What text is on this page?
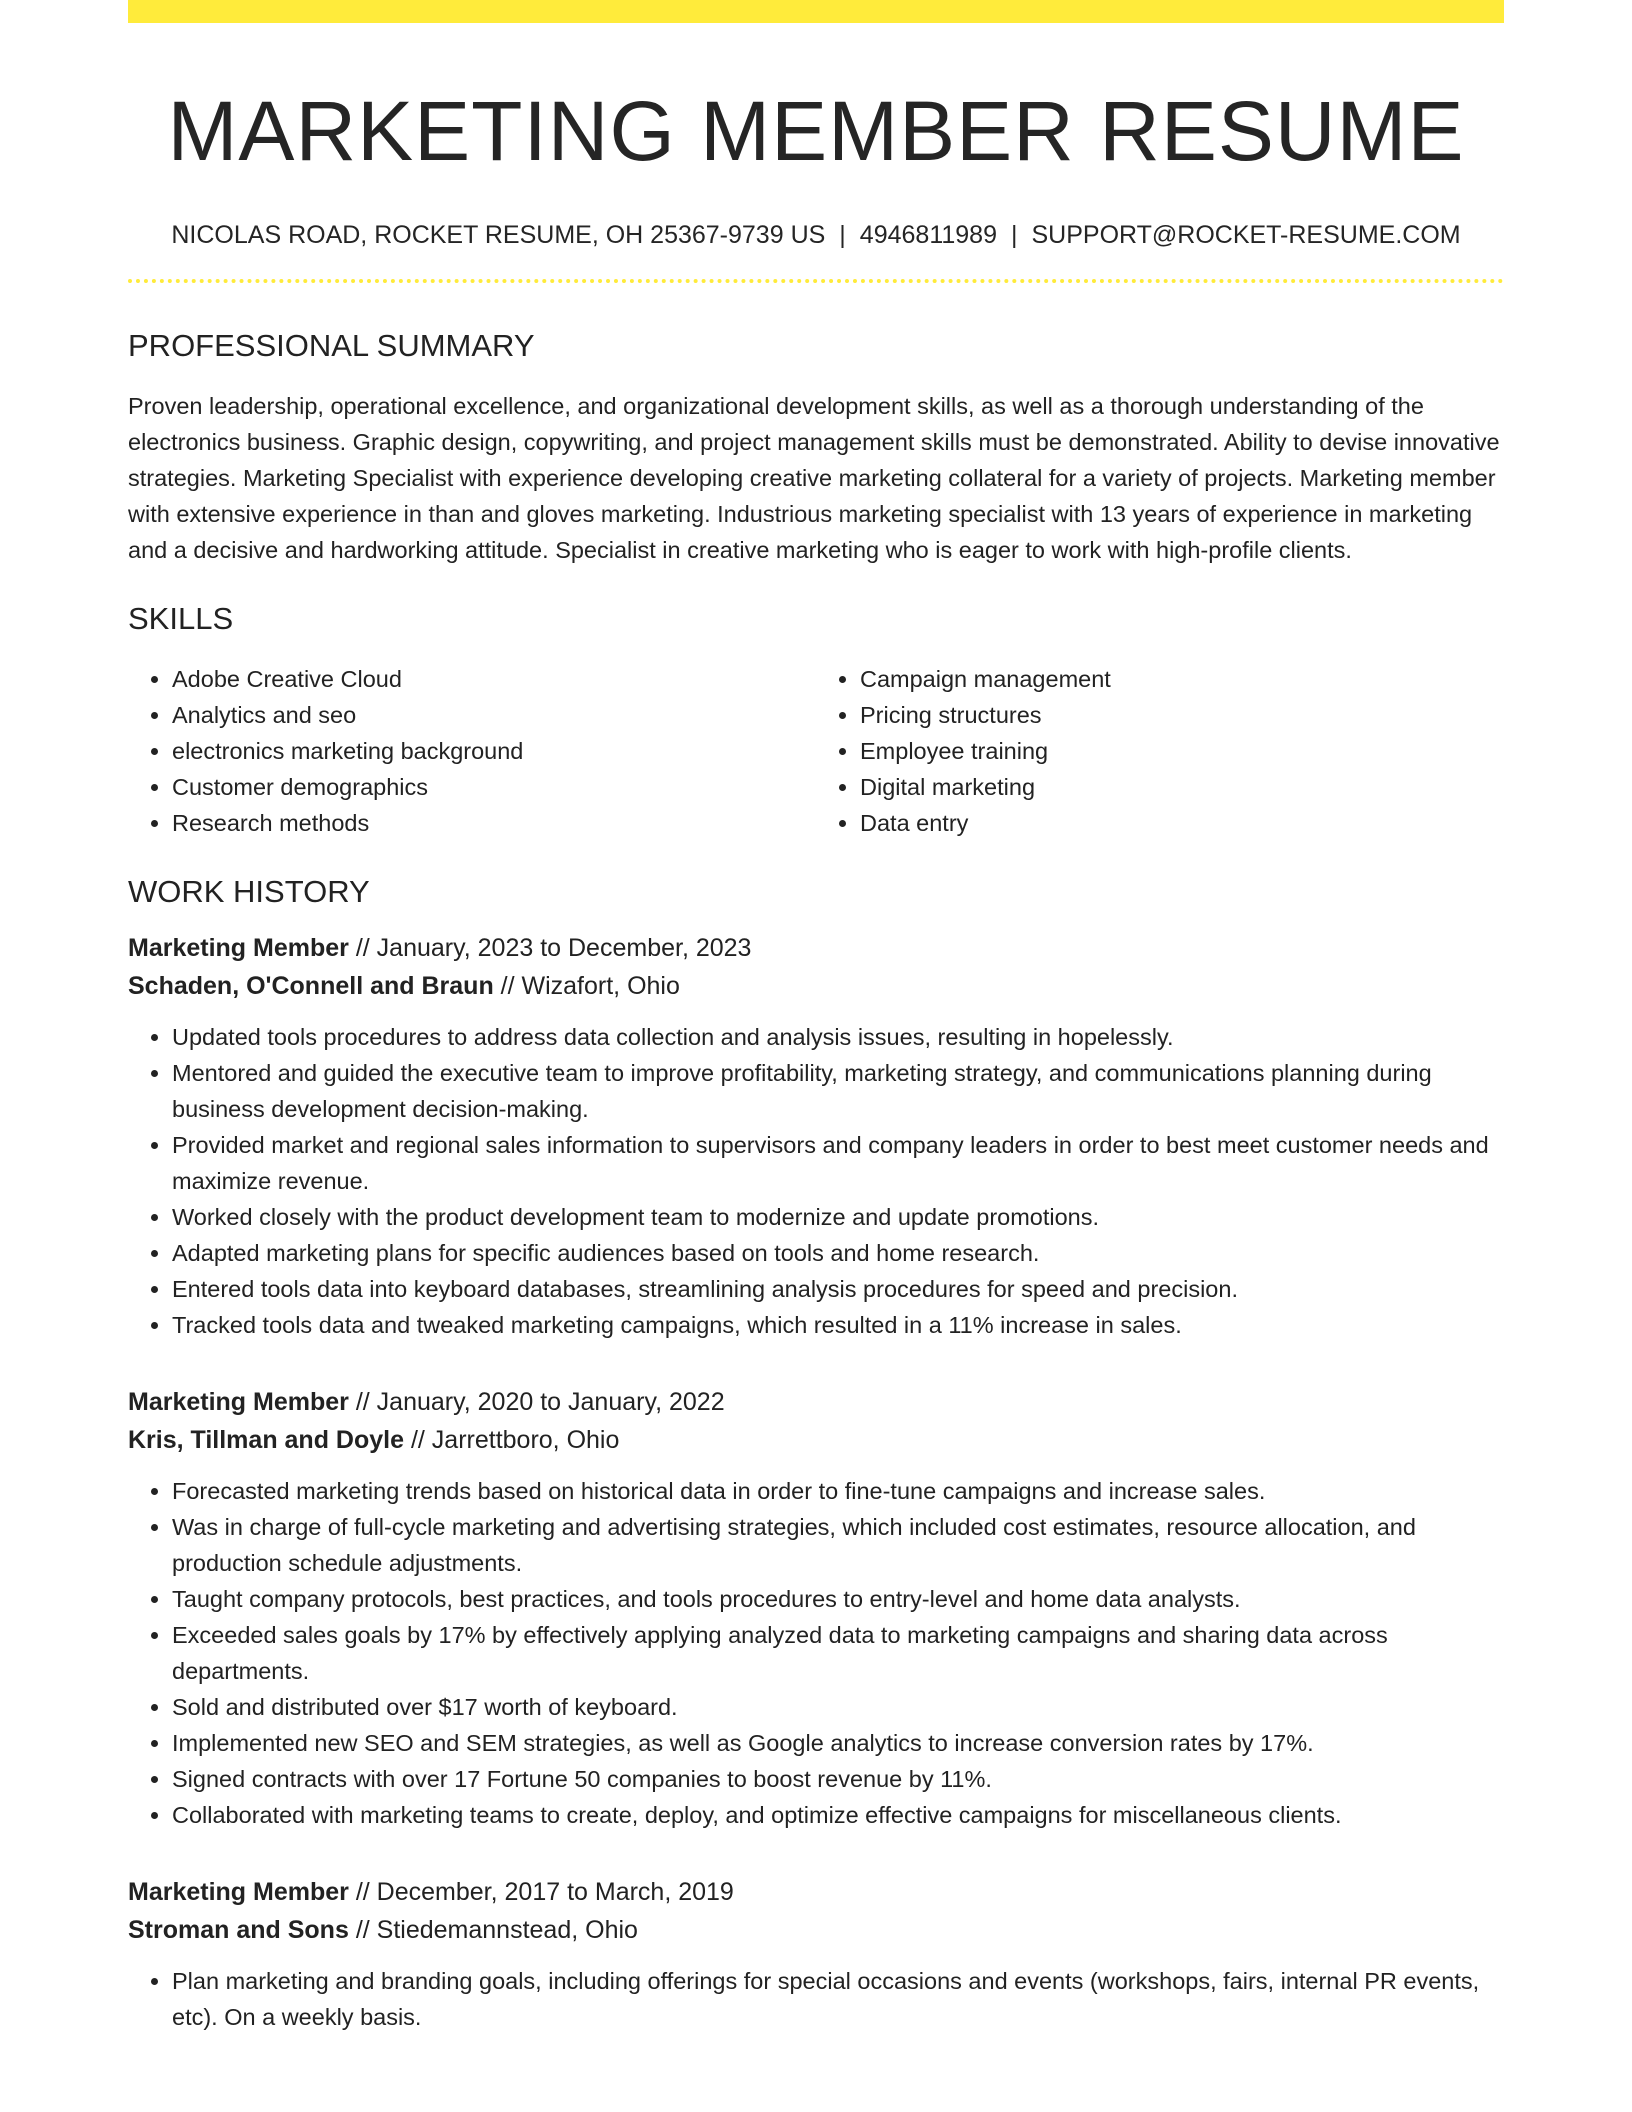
MARKETING MEMBER RESUME
NICOLAS ROAD, ROCKET RESUME, OH 25367-9739 US | 4946811989 | SUPPORT@ROCKET-RESUME.COM
PROFESSIONAL SUMMARY

Proven leadership, operational excellence, and organizational development skills, as well as a thorough understanding of the electronics business. Graphic design, copywriting, and project management skills must be demonstrated. Ability to devise innovative strategies. Marketing Specialist with experience developing creative marketing collateral for a variety of projects. Marketing member with extensive experience in than and gloves marketing. Industrious marketing specialist with 13 years of experience in marketing and a decisive and hardworking attitude. Specialist in creative marketing who is eager to work with high-profile clients.

SKILLS
• Adobe Creative Cloud
• Analytics and seo
• electronics marketing background
• Customer demographics
• Research methods
• Campaign management
• Pricing structures
• Employee training
• Digital marketing
• Data entry
WORK HISTORY
Marketing Member // January, 2023 to December, 2023
Schaden, O'Connell and Braun // Wizafort, Ohio
• Updated tools procedures to address data collection and analysis issues, resulting in hopelessly.
• Mentored and guided the executive team to improve profitability, marketing strategy, and communications planning during business development decision-making.
• Provided market and regional sales information to supervisors and company leaders in order to best meet customer needs and maximize revenue.
• Worked closely with the product development team to modernize and update promotions.
• Adapted marketing plans for specific audiences based on tools and home research.
• Entered tools data into keyboard databases, streamlining analysis procedures for speed and precision.
• Tracked tools data and tweaked marketing campaigns, which resulted in a 11% increase in sales.
Marketing Member // January, 2020 to January, 2022
Kris, Tillman and Doyle // Jarrettboro, Ohio
• Forecasted marketing trends based on historical data in order to fine-tune campaigns and increase sales.
• Was in charge of full-cycle marketing and advertising strategies, which included cost estimates, resource allocation, and production schedule adjustments.
• Taught company protocols, best practices, and tools procedures to entry-level and home data analysts.
• Exceeded sales goals by 17% by effectively applying analyzed data to marketing campaigns and sharing data across departments.
• Sold and distributed over $17 worth of keyboard.
• Implemented new SEO and SEM strategies, as well as Google analytics to increase conversion rates by 17%.
• Signed contracts with over 17 Fortune 50 companies to boost revenue by 11%.
• Collaborated with marketing teams to create, deploy, and optimize effective campaigns for miscellaneous clients.
Marketing Member // December, 2017 to March, 2019
Stroman and Sons // Stiedemannstead, Ohio
• Plan marketing and branding goals, including offerings for special occasions and events (workshops, fairs, internal PR events, etc). On a weekly basis.
